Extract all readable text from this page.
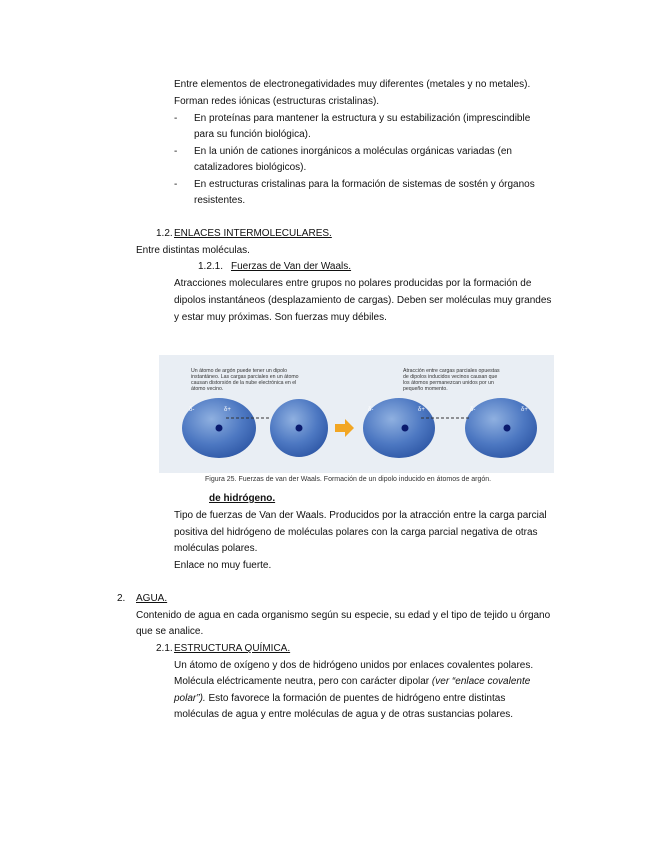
Entre elementos de electronegatividades muy diferentes (metales y no metales).
Forman redes iónicas (estructuras cristalinas).
- En proteínas para mantener la estructura y su estabilización (imprescindible
para su función biológica).
- En la unión de cationes inorgánicos a moléculas orgánicas variadas (en
catalizadores biológicos).
- En estructuras cristalinas para la formación de sistemas de sostén y órganos
resistentes.
1.2. ENLACES INTERMOLECULARES.
Entre distintas moléculas.
1.2.1. Fuerzas de Van der Waals.
Atracciones moleculares entre grupos no polares producidas por la formación de
dipolos instantáneos (desplazamiento de cargas). Deben ser moléculas muy grandes
y estar muy próximas. Son fuerzas muy débiles.
Un átomo de argón puede tener un dipolo
instantáneo. Las cargas parciales en un átomo
causan distorsión de la nube electrónica en el
átomo vecino.
Atracción entre cargas parciales opuestas
de dipolos inducidos vecinos causan que
los átomos permanezcan unidos por un
pequeño momento.
δ-	δ+	δ-	δ+	δ-	δ+
Figura 25. Fuerzas de van der Waals. Formación de un dipolo inducido en átomos de argón.
de hidrógeno.
Tipo de fuerzas de Van der Waals. Producidos por la atracción entre la carga parcial
positiva del hidrógeno de moléculas polares con la carga parcial negativa de otras
moléculas polares.
Enlace no muy fuerte.
2. AGUA.
Contenido de agua en cada organismo según su especie, su edad y el tipo de tejido u órgano
que se analice.
2.1. ESTRUCTURA QUÍMICA.
Un átomo de oxígeno y dos de hidrógeno unidos por enlaces covalentes polares.
Molécula eléctricamente neutra, pero con carácter dipolar (ver “enlace covalente
polar”). Esto favorece la formación de puentes de hidrógeno entre distintas
moléculas de agua y entre moléculas de agua y de otras sustancias polares.
